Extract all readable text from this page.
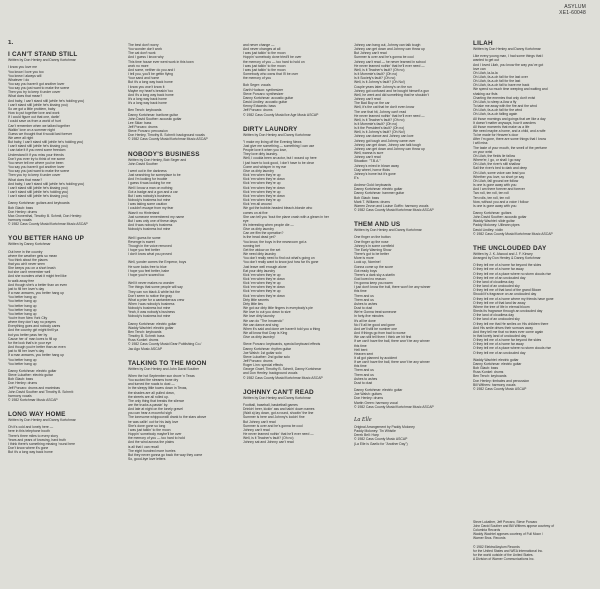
ASYLUM
XE1-60048
1.
I CAN'T STAND STILL
Written by Don Henley and Danny Kortchmar
I know you love me
You know I love you too
You knew I always will
Whatever I do
You say you haven't got another lover
You say you just want to make the scene
Then you try to keep it under cover
What does that mean?
And baby, I can't stand still (while he's holding you)
I can't stand still (while he's kissing you)
So we got a little problem, baby
How to put together love and work
If I could figure out that one, darlin'
I could save us from a world of hurt
Can't remember when we talked together
Walkin' love on a summer night
Guess we thought that it would last forever
We were all right
But baby, I can't stand still (while he's holding you)
I can't stand still (while he's kissing you)
I can take it if you need some freedom
Understand it if you miss your friends
Don't you ever try to think of me some
You never tell me where you've been
You say you haven't got another lover
You say you just want to make the scene
Then you try to keep it under cover
What does that mean?
And baby, I can't stand still (while he's holding you)
I can't stand still (while he's kissing you)
I can't stand still (while he's holding you)
I can't stand still (while he's kissing you)
Danny Kortchmar: guitars and keyboards
Bob Glaub: bass
Don Henley: drums
Max Gronenthal, Timothy B. Schmit, Don Henley:
harmony vocals
© 1982 Cass County Music/Kortchmar Music ASCAP
YOU BETTER HANG UP
Written by Danny Kortchmar
Out here in the country
where the weather gets so mean
You think about the places
that you ain't never seen
She keeps you on a short leash
but she can't remember well
And she wonders what it might feel like
to walk away free
And though she's a better than an even
just to fill her lover's day
If a man answers, you better hang up
You better hang up
You better hang up
You better hang up
You better hang up
You better hang up
You're from New York City
where they don't say no prayers
Everything goes and nobody cares
And the country girl might thrill ya
but you better pass her by
Cause her ol' man loves to fill up
for the look that's in your eye
And though you're better than an even
just to fill her lover's day
If a man answers, you better hang up
You better hang up
You better hang up
Danny Kortchmar: electric guitar
Steve Lukather: electric guitar
Bob Glaub: bass
Don Henley: drums
Jeff Porcaro: drums and marimbas
John David Souther and Timothy B. Schmit:
harmony vocals
© 1982 Kortchmar Music ASCAP
LONG WAY HOME
Written by Don Henley and Danny Kortchmar
Oh it's cold and lonely here —
here in this telephone booth
There's three miles to every story
Years and years of knowing, hard truth
I think there's something missing 'round here
Don't know where it's gone
But it's a long way back home
The best don't worry
You wonder don't work
The cat don't work
And I guess I know why
This time house ever went work in this town
work no more
And some, neither do you and I
I tell you, you'll be gettin flying
Your sand and home
But it's a long way back home
I know you won't know it
Maybe my heart's breakin' too
And it's a long way back home
It's a long way back home
It's a long way back home
Ben Tench: keyboards
Danny Kortchmar: baritone guitar
John David Souther: acoustic guitar
Lee Sklar: bass
Jeff Porcaro: drums
Steve Porcaro: percussion
Don Henley, Timothy B. Schmit: background vocals
© 1982 Cass County Music/Kortchmar Music ASCAP
NOBODY'S BUSINESS
Written by Don Henley, Bob Seger and
John David Souther
I went out in the darkness
Just searching for someplace to be
And I'm looking for trouble
I guess it was looking for me
Well I know a man on nothing
Got a badge and a gun and a car
But I was nobody's business
Nobody's business but mine
I was taking some caution
I couldn't escape from my fear
Wasn't no Hinterland
Just someone remembered my name
But I was only one of these days
And it was nobody's business
Nobody's business but mine

Well I guess for some
Revenge is sweet
Though in the voice removed
I hope you feel better
I don't know what you proved

Well, yonder comes the Emperor, boys
He sure looks free to blue
I hope you feel better, babe
I hope you're scared too

Well it never makes no wonder
The things that some people will say
They can run black & white but the
Don't seem to notice the gray
What a prize for a cantankerous crew
When I was nobody's business
Nobody's business but mine
Yeah, it was nobody's business
Nobody's business but mine
Danny Kortchmar: electric guitar
Waddy Wachtel: electric guitar
Ben Tench: keyboards
Timothy B. Schmit: bass
Russ Kunkel: drums
© 1982 Cass County Music/Gear Publishing Co./
Jac Ago Music ASCAP
TALKING TO THE MOON
Written by Don Henley and John David Souther
When the hot September sun drove 'n Texas
You sucked the streams bone dry
and turned the roads to dust —
In the sleepy little towns down in Texas,
the shades are all pulled down,
the streets are all rolled up.
The only thing that breaks the silence
are the trucks a-passin' by.
And late at night on the lonely gravel
you can hear a mournful sigh
The lonesome whippoorwill drank to the stars above
he was callin' out for his lady love
She's done gone so long
I was just talkin' to the moon
Hoppin' somebody maybe'll be over
the memory of you — too hard to hold
And the wind across the plains
is all that I can recall
The eight hundred more hurries
But they never gonna go back the way they come
So, good-bye love letters
and never change —
And never changes at all
I was just talkin' to the moon
Hoppin' somebody done tried'll be over
the memory of you — too hard to hold on
I was just talkin' to the moon
I was just talkin' to the moon
Somebody who owns that I'll be over
the memory of you
Bob Seger: vocals
Garth Hudson: synthesizer
Steve Porcaro: synthesizer
Danny Kortchmar: acoustic guitar
David Lindley: acoustic guitar
Kenny Edwards: bass
Jeff Porcaro: drums
© 1982 Cass County Music/Ice Age Music ASCAP
DIRTY LAUNDRY
Written by Don Henley and Danny Kortchmar
"I make my living off the Evening News
Just give me something — something I can use
People love it when you lose,
They love dirty laundry.
Well, I coulda been an actor, but I wound up here
I just have to look good, I don't have to be clear
Come and whisper in my ear
Give us dirty laundry
Kick 'em when they're up
Kick 'em when they're down
Kick 'em when they're up
Kick 'em when they're down
Kick 'em when they're up
Kick 'em when they're down
Kick 'em when they're up
Kick 'em all around
We got the bubble-headed bleach-blonde who
comes on at five
She can tell you 'bout the plane crash with a gleam in her eye
It's interesting when people die —
Give us dirty laundry
Can we film the operation?
Is the head dead yet?
You know, the boys in the newsroom got a
running bet
Get the widow on the set
We need dirty laundry
You don't really need to find out what's going on
You don't really want to know just how far it's gone
Just leave well enough alone
Eat your dirty laundry
Kick 'em when they're up
Kick 'em when they're down
Kick 'em when they're up
Kick 'em when they're down
Kick 'em when they're up
Kick 'em when they're down
Dirty little secrets
Dirty little lies
We got our dirty little fingers in everybody's pie
We love to cut you down to size
We love dirty laundry
We can do "The Innuendo"
We can dance and sing
When it's said and done we haven't told you a thing
We all know that Crap is King
Give us dirty laundry!
Steve Porcaro: keyboards, special keyboard effects
Danny Kortchmar: rhythm guitar
Joe Walsh: 1st guitar solo
Steve Lukather: 2nd guitar solo
Jeff Porcaro: drums
Roger Linn: special effects
George Graef, Timothy B. Schmit, Danny Kortchmar
and Don Henley: background vocals
© 1982 Cass County Music/Kortchmar Music ASCAP
JOHNNY CAN'T READ
Written by Don Henley and Danny Kortchmar
Football, baseball, basketball games
Drinkin' beer, kickin' ass and takin' down names
(Wait a) lay down, got a round, shootin' the line
Summer is here and Johnny's lookin' fine
But Johnny can't read
Summer is over and he's gonna be cool
Johnny can't read
He never learned nothin' that he'll ever need —
Well, is it Teacher's fault? (Oh no)
Johnny sat and Johnny can't read
Johnny can hang out, Johnny can talk tough
Johnny can get down and Johnny can throw up
But Johnny can't read
Summer is over and he's gonna be cool
Johnny can't read — he never learned in school
He never learned nothin' that he'll ever need —
Well, is it Teacher's fault? (Oh no)
Is it Mommie's fault? (Oh no)
Is it Society's fault? (Oh no)
Well, is it Johnny's fault? (Oh No!)
Couple years later Johnny's on the run
Johnny got confused and he bought himself a gun
Well, he went and did something that he shouldn't
Johnny can't read
The Bad Boy on the car
Well, it's the cat that he don't even know
The one that hit, Johnny can't read
He never learned nothin' that he'll ever need —
Well, is it Teacher's fault? (Oh no)
Is it Mommie's fault? (Oh no)
Is it the President's fault? (Oh no)
Well, is it Johnny's fault? (Oh No!)
Johnny can dance and Johnny can love
Johnny got tough and Johnny came over
Johnny can get down, Johnny can talk tough
Johnny can get down and Johnny can throw up
Well, wanna is sure
Johnny can't read
Situation: "T.B.A."
Johnny's mired in blown away
Clay wheel, horror flicks
Johnny's home but it's gone
E's
Andrew Gold: keyboards
Danny Kortchmar: electric guitar
Danny Kortchmar: hammer guitar
Bob Glaub: bass
Mark T. Williams: drums
Warren Zevon and Louise Goffin: harmony vocals
© 1982 Cass County Music/Kortchmar Music ASCAP
THEM AND US
Written by Don Henley and Danny Kortchmar
One finger on the button
One finger up the nose
Johnny's in some cornfield
The Early Warning Show
There's got to be better
More is more
Look up, Nomine!
Gonna come up the score
Got ready boys
There's a dark sky a-startin
God loved no reason
I'm gonna keep you warm
I just don't know the bull, there won't be any winner
this time
Them and us
Them and us
Ashes to ashes
Dust to dust
We're Gonna treat someone
In forty-five minutes
It's all be done
No I'll all be good and gone
And we'll still be number one
And if things go from bad to worse
We can still tell them I think we hit first
If we can't have the ball, there won't be any winner
this time
Hell bent
Heaven sent
It all got planned by accident
If we can't have the ball, there won't be any winner
this time
Them and us
Them and us
Ashes to ashes
Dust to dust
Danny Kortchmar: electric guitar
Joe Walsh: guitars
Don Henley: drums
Martin Green: harmony vocal
© 1982 Cass County Music/Kortchmar Music ASCAP
La Elle
Original Arrangement by Paddy Moloney
Paddy Moloney: Tin Whistle
Derek Bell: Harp
© 1982 Cass County Music ASCAP
(La Elle is Gaelic for "Another Day")
LILAH
Written by Don Henley and Danny Kortchmar
Like every young man, I had some things that I
wanted to get out
And I loved Lilah, you know the way you've got
love can
Oh Lilah, la-la-la
Oh Lilah, fa-a-oh fall for the last over
Oh Lilah, fa-a-oh fall for the last
Oh Lilah, fa-a-oh fall to have me back
We spend so much time weeping and waiting and
shaking our fists
Charting the enemies that only don't exist
Oh Lilah, to sleep a-llow a fly
To take me away with the fire and the wind
Oh Lilah, fa-a-oh fall for the wind
Oh Lilah, fa-a-oh falling again
All those mornings and goings that we like a day
It doesn't matter anyways, how it wanders
All those moments that make us a life
We need maybe a home, and a child, and a wife
To be made for Heaven's door
After I'm gone, there are some things that I know
I will miss
The taste of your mouth, the smell of the perfume
on your wrist
Oh Lilah, the fields lie fallow
Where'er, I go, or shall I go way
Oh Lilah, the river's still shallow
Sail the river's bed to dark and deep
Oh Lilah, some voice can lead you
Whether you love, so short ye say
Oh Lilah, fall ground we follow
Is one is gone away with you
And I am there forever and forever
Two roll, ten roll, ten roll
Ten rolls, ten roll, ten roll
Now, without you and a voice I follow
Is one is gone away with you
Danny Kortchmar: guitars
John David Souther: acoustic guitar
Waddy Wachtel: slide guitar
Paddy Moloney: Uilleann pipes
David Lindley: violin
© 1982 Cass County Music/Kortchmar Music ASCAP
THE UNCLOUDED DAY
Written by J. K. Alwood and J. F. Kinsey
Arranged by Don Henley & Danny Kortchmar
O they tell me of a home far beyond the skies
O they tell me of a home far away
O they tell me of a place where no storm clouds rise
O they tell me of an unclouded day
O the land of cloudless day
O the land of an unclouded sky
O they tell me of that land of the grand Bloom
Should it's fragrance on an unclouded day
O they tell me of a home where my friends have gone
O they tell me of that land far away
Where the tree of life in eternal bloom
Sheds its fragrance through an unclouded day
O the land of cloudless day
O the land of an unclouded sky
O they tell me that He smiles on His children there
And His smile drives their sorrows away
And they tell me that no tears ever come again
In that lovely land of unclouded day
O they tell me of a home far beyond the skies
O they tell me of a home far away
O they tell me of a place where no storm clouds rise
O they tell me of an unclouded day
Waddy Wachtel: electric guitar
Danny Kortchmar: electric guitar
Bob Glaub: bass
Russ Kunkel: drums
Ben Tench: keyboards
Don Henley: timbales and percussion
Bill Withers: harmony vocals
© 1982 Cass County Music ASCAP
Steve Lukather, Jeff Porcaro, Steve Porcaro
John David Souther and Bill Withers appear courtesy of
Columbia Records
Waddy Wachtel appears courtesy of Full Moon /
Warner Bros. Records

© 1982 Elektra/Asylum Records
for the United States and WEA International Inc.
for the world outside of the United States.
A Division of Warner Communications Inc.
